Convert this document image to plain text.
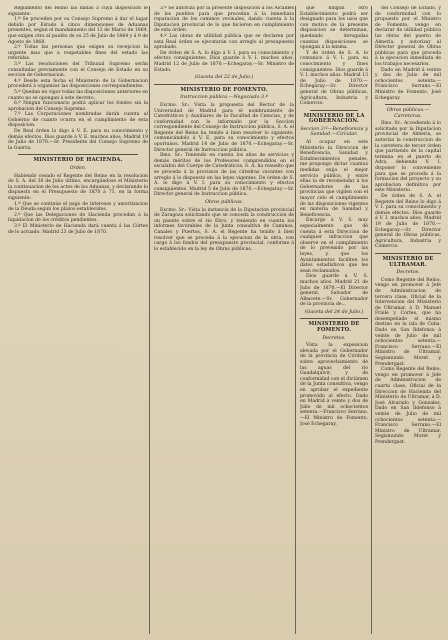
Reglamento del Reino las dadas á cuya disposicion le siguiente:

1.º Se proceden por su Consejo Supremo á dar el lugar debido por Estado á cinco dimensiones de Aduanas presentes, segun el mandamiento del 13 de Marzo de 1864, que exigen otro al pueblo de su 25 de Julio de 1864 y á 9 de Agosto de 1868.

2.º Todas las personas que exigen su recepcion la urgente mas que a respetables fines del estado las referidas.

3.º Las resoluciones del Tribunal Supremo serán consultadas previamente con el Consejo de Estado en su seccion de Gobernacion.

4.º Desde esta fecha el Ministerio de la Gobernacion procederá á organizar las disposiciones correspondientes.

5.º Quedan en vigor todas las disposiciones anteriores en cuanto no se opongan á este decreto.

6.º Ningun funcionario podrá aplicar los fondos sin la aprobacion del Consejo Supremo.

7.º Las Corporaciones nombradas darán cuenta al Gobierno de cuanto ocurra en el cumplimiento de esta disposicion.

De Real órden lo digo á V. E. para su conocimiento y demás efectos. Dios guarde á V. E. muchos años. Madrid 19 de Julio de 1870.—Sr. Presidente del Consejo Supremo de la Guerra.

MINISTERIO DE HACIENDA.
Orden.

Habiendo cesado el Regente del Reino en la resolucion de S. A. del 30 de Julio último, encargándose el Ministerio la continuacion de los actos de los Aduanas, y declarando lo dispuesto en el Presupuesto de 1870 á 71, en la forma siguiente:

1.º Que se continúe el pago de intereses y amortizacion de la Deuda segun los plazos establecidos.

2.º Que las Delegaciones de Hacienda procedan á la liquidacion de los créditos pendientes.

3.º El Ministerio de Hacienda dará cuenta á las Córtes de lo actuado. Madrid 23 de Julio de 1870.

3.º Se autoriza por la presente disposicion á los Alcaldes de los pueblos para que procedan á la inmediata reparacion de los caminos vecinales, dando cuenta á la Diputacion provincial de lo que hicieren en cumplimiento de esta órden.

4.º Las obras de utilidad pública que se declaren por esta Real órden se ejecutarán con arreglo al presupuesto aprobado.

De órden de S. A. lo digo á V. I. para su conocimiento y efectos consiguientes. Dios guarde á V. I. muchos años. Madrid 12 de Julio de 1870.—Echegaray.—Sr. Ministro de Estado.

(Gaceta del 22 de Julio.)
MINISTERIO DE FOMENTO.
Instruccion pública.—Negociado 3.º

Excmo. Sr.: Vista la propuesta del Rector de la Universidad de Madrid para el nombramiento de Catedráticos y Auxiliares de la Facultad de Ciencias, y de conformidad con lo informado por la Seccion correspondiente del Consejo de Instruccion pública, S. A. el Regente del Reino ha tenido á bien resolver lo siguiente, comunicándolo á V. E. para su conocimiento y efectos oportunos. Madrid 14 de Julio de 1870.—Echegaray.—Sr. Director general de Instruccion pública.

Ilmo. Sr.: Teniendo en cuenta los años de servicios y demás méritos de los Profesores comprendidos en el escalafon del Cuerpo de Catedráticos, S. A. ha resuelto que se proceda á la provision de las cátedras vacantes con arreglo á lo dispuesto en las leyes vigentes. De órden de S. A. lo digo á V. I. para su conocimiento y efectos consiguientes. Madrid 5 de Julio de 1870.—Echegaray.—Sr. Director general de Instruccion pública.

Obras públicas.

Excmo. Sr.: Vista la instancia de la Diputacion provincial de Zaragoza solicitando que se conceda la construccion de un puente sobre el rio Ebro, y teniendo en cuenta los informes favorables de la Junta consultiva de Caminos, Canales y Puertos, S. A. el Regente ha tenido á bien resolver que se proceda á la ejecucion de la obra, con cargo á los fondos del presupuesto provincial, conforme á lo establecido en la ley de Obras públicas.

que ningun otro Establecimiento podrá ser designado para los usos que con motivo de la presente disposicion se determinan, quedando derogadas cuantas disposiciones se opongan á la misma.

Y de órden de S. A. lo comunico á V. I. para su conocimiento y fines consiguientes. Dios guarde á V. I. muchos años. Madrid 13 de Julio de 1870.—Echegaray.—Sr. Director general de Obras públicas, Agricultura, Industria y Comercio.

MINISTERIO DE LA GOBERNACION.
Seccion 3.ª—Beneficencia y Sanidad.—Circular.

Al ocupar en este Ministerio la Direccion de Beneficencia, Sanidad y Establecimientos penales, me propongo dictar cuantas medidas exija el mejor servicio público, y entre ellas la de recomendar á los Gobernadores de las provincias que vigilen con el mayor celo el cumplimiento de las disposiciones vigentes en materia de Sanidad y Beneficencia.

Encargo á V. S. muy especialmente que dé cuenta á esta Direccion de cualquier infraccion que observe en el cumplimiento de lo prevenido por las leyes, y que los Ayuntamientos faciliten los datos estadísticos que les sean reclamados.

Dios guarde á V. S. muchos años. Madrid 21 de Julio de 1870.—El Director general, Salvador de Albacete.—Sr. Gobernador de la provincia de...

(Gaceta del 24 de Julio.)
MINISTERIO DE FOMENTO.
Decretos.

Vista la exposicion elevada por el Gobernador de la provincia de Córdoba sobre aprovechamiento de las aguas del rio Guadalquivir, y de conformidad con el dictámen de la Junta consultiva, vengo en aprobar el expediente promovido al efecto. Dado en Madrid á veinte y dos de Julio de mil ochocientos setenta.—Francisco Serrano.—El Ministro de Fomento, José Echegaray.

del Consejo de Estado, y de conformidad con lo propuesto por el Ministro de Fomento, vengo en declarar de utilidad pública las obras del puerto de Almería, y autorizar al Director general de Obras públicas para que proceda á la ejecucion inmediata de los trabajos necesarios.

Dado en Madrid á veinte y dos de Julio de mil ochocientos setenta.—Francisco Serrano.—El Ministro de Fomento, José Echegaray.

Obras públicas.—Carreteras.

Ilmo. Sr.: Accediendo á lo solicitado por la Diputacion provincial de Almería, se autoriza la construccion de la carretera de tercer órden que partiendo de la capital termina en el puerto de Adra, debiendo V. I. disponer lo conveniente para que se proceda á la formacion del proyecto y su aprobacion definitiva por este Ministerio.

De órden de S. A. el Regente del Reino lo digo á V. I. para su conocimiento y demás efectos. Dios guarde á V. I. muchos años. Madrid 19 de Julio de 1870.—Echegaray.—Sr. Director general de Obras públicas, Agricultura, Industria y Comercio.

MINISTERIO DE ULTRAMAR.
Decretos.

Como Regente del Reino, vengo en promover á Jefe de Administracion de tercera clase, Oficial de la Intervencion del Ministerio de Ultramar, á D. Manuel Fraile y Cortes, que ha desempeñado el mismo destino en la isla de Cuba. Dado en San Ildefonso á veinte de Julio de mil ochocientos setenta.—Francisco Serrano.—El Ministro de Ultramar, Segismundo Moret y Prendergast.

Como Regente del Reino, vengo en promover á Jefe de Administracion de cuarta clase, Oficial de la Direccion de Hacienda del Ministerio de Ultramar, á D. José Alvarado y Gonzalez. Dado en San Ildefonso á veinte de Julio de mil ochocientos setenta.—Francisco Serrano.—El Ministro de Ultramar, Segismundo Moret y Prendergast.
